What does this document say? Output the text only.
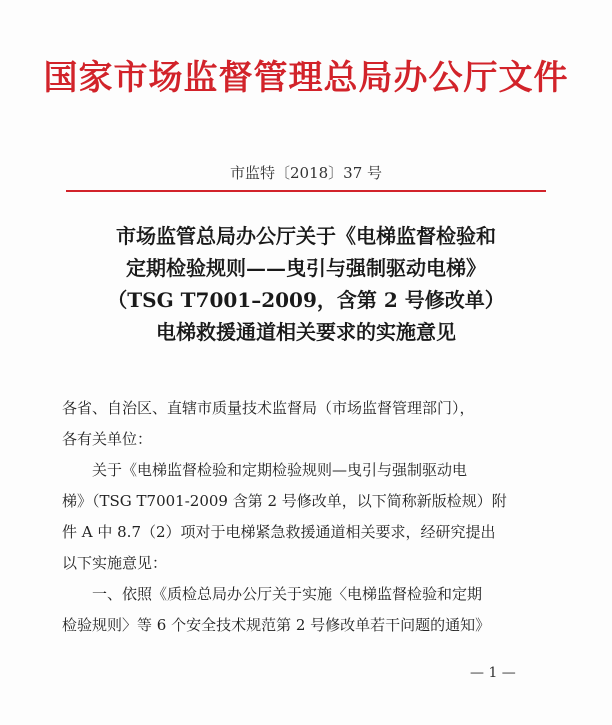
国家市场监督管理总局办公厅文件
市监特〔2018〕37 号
市场监管总局办公厅关于《电梯监督检验和
定期检验规则——曳引与强制驱动电梯》
（TSG T7001–2009，含第 2 号修改单）
电梯救援通道相关要求的实施意见
各省、自治区、直辖市质量技术监督局（市场监督管理部门），
各有关单位：
关于《电梯监督检验和定期检验规则—曳引与强制驱动电
梯》（TSG T7001-2009 含第 2 号修改单，以下简称新版检规）附
件 A 中 8.7（2）项对于电梯紧急救援通道相关要求，经研究提出
以下实施意见：
一、依照《质检总局办公厅关于实施〈电梯监督检验和定期
检验规则〉等 6 个安全技术规范第 2 号修改单若干问题的通知》
— 1 —
